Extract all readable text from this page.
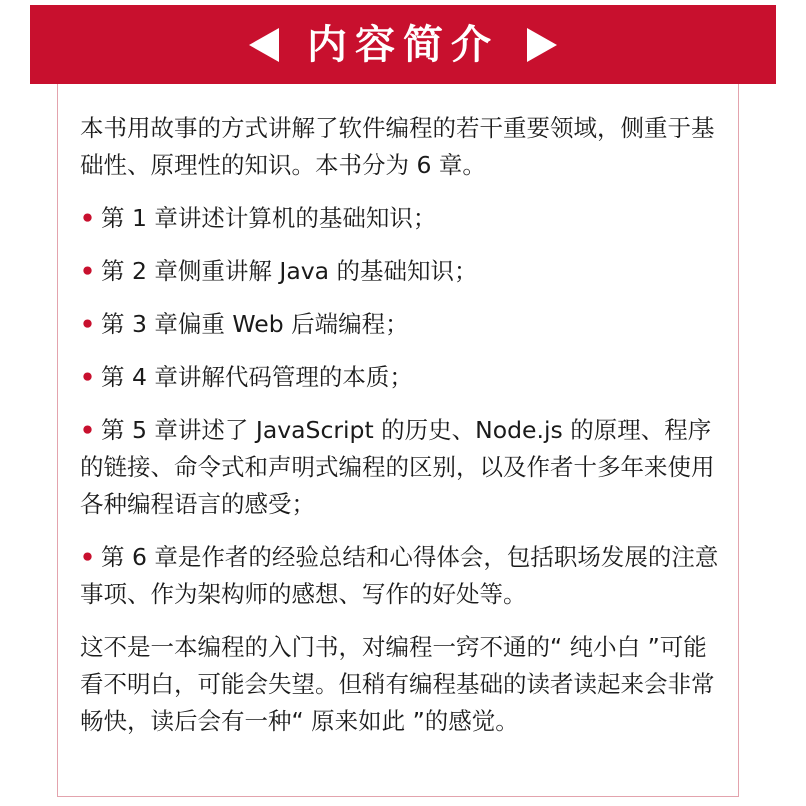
内容简介

本书用故事的方式讲解了软件编程的若干重要领域，侧重于基础性、原理性的知识。本书分为 6 章。

• 第 1 章讲述计算机的基础知识；

• 第 2 章侧重讲解 Java 的基础知识；

• 第 3 章偏重 Web 后端编程；

• 第 4 章讲解代码管理的本质；

• 第 5 章讲述了 JavaScript 的历史、Node.js 的原理、程序的链接、命令式和声明式编程的区别，以及作者十多年来使用各种编程语言的感受；

• 第 6 章是作者的经验总结和心得体会，包括职场发展的注意事项、作为架构师的感想、写作的好处等。

这不是一本编程的入门书，对编程一窍不通的“ 纯小白 ”可能看不明白，可能会失望。但稍有编程基础的读者读起来会非常畅快，读后会有一种“ 原来如此 ”的感觉。
